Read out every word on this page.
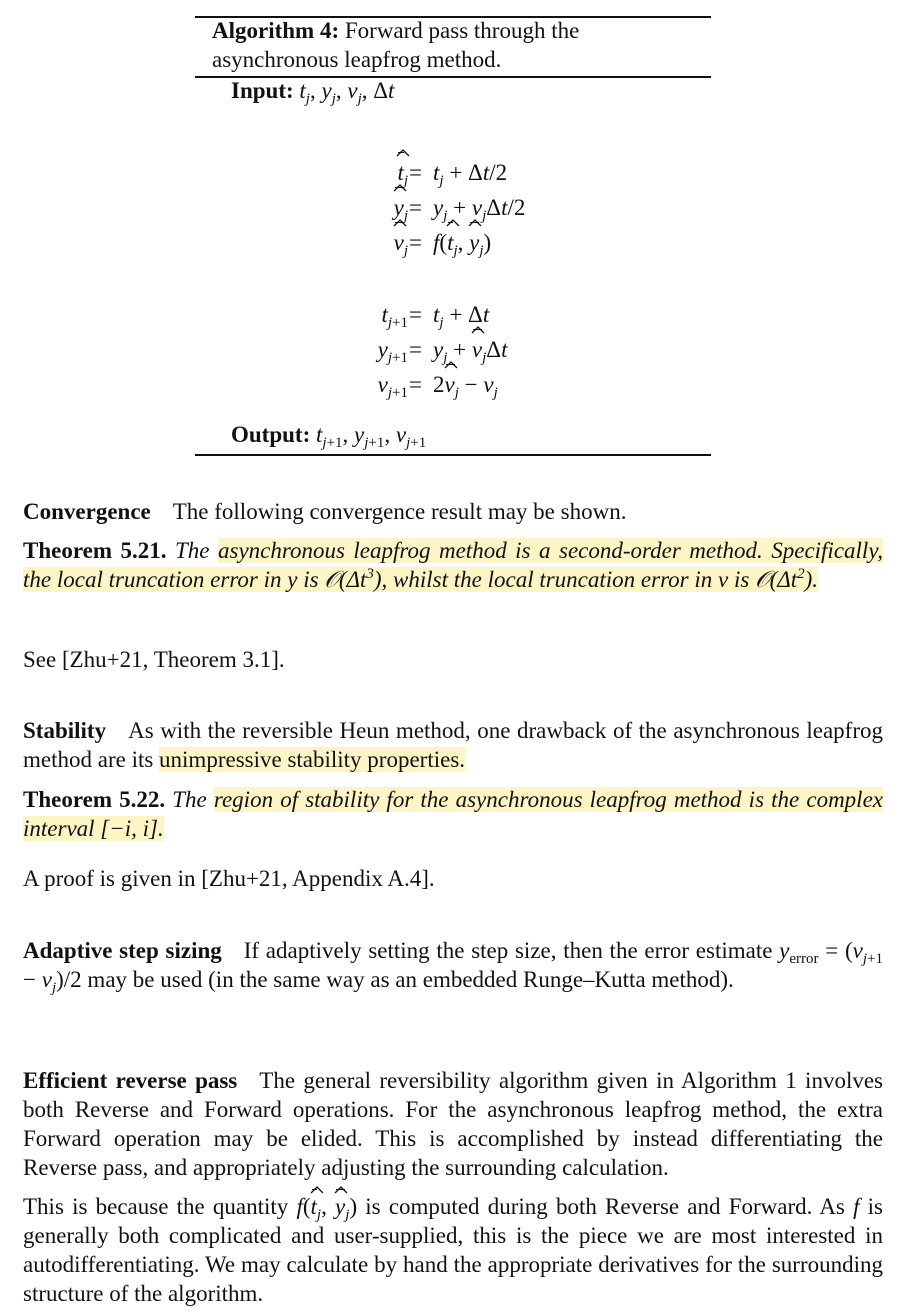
Algorithm 4: Forward pass through the
asynchronous leapfrog method.
Input: $t_j$, $y_j$, $v_j$, Δt
t
$_j = t_j + \Delta t/2$
y
$_j = y_j + v_j\Delta t/2$
v
$_j$ = f(t
$_j$, y
$_j$)
$t_{j+1} = t_j + \Delta t$
$y_{j+1} = y_j + v$
$_j$Δt
$v_{j+1} = 2v$
$_j - v_j$
Output: $t_{j+1}$, $y_{j+1}$, $v_{j+1}$
Convergence The following convergence result may be shown.
Theorem 5.21. The asynchronous leapfrog method is a second-order method. Specifically, the local truncation error in y is $𝒪(\Delta t^3)$, whilst the local truncation error in v is $𝒪(\Delta t^2)$.
See [Zhu+21, Theorem 3.1].
Stability As with the reversible Heun method, one drawback of the asynchronous leapfrog method are its unimpressive stability properties.
Theorem 5.22. The region of stability for the asynchronous leapfrog method is the complex interval [−i, i].
A proof is given in [Zhu+21, Appendix A.4].
Adaptive step sizing If adaptively setting the step size, then the error estimate $y_{error} = (v_{j+1} - v_j)/2$ may be used (in the same way as an embedded Runge–Kutta method).
Efficient reverse pass The general reversibility algorithm given in Algorithm 1 involves both Reverse and Forward operations. For the asynchronous leapfrog method, the extra Forward operation may be elided. This is accomplished by instead differentiating the Reverse pass, and appropriately adjusting the surrounding calculation.
This is because the quantity f(t
$_j$, y
$_j$) is computed during both Reverse and Forward. As f is generally both complicated and user-supplied, this is the piece we are most interested in autodifferentiating. We may calculate by hand the appropriate derivatives for the surrounding structure of the algorithm.
